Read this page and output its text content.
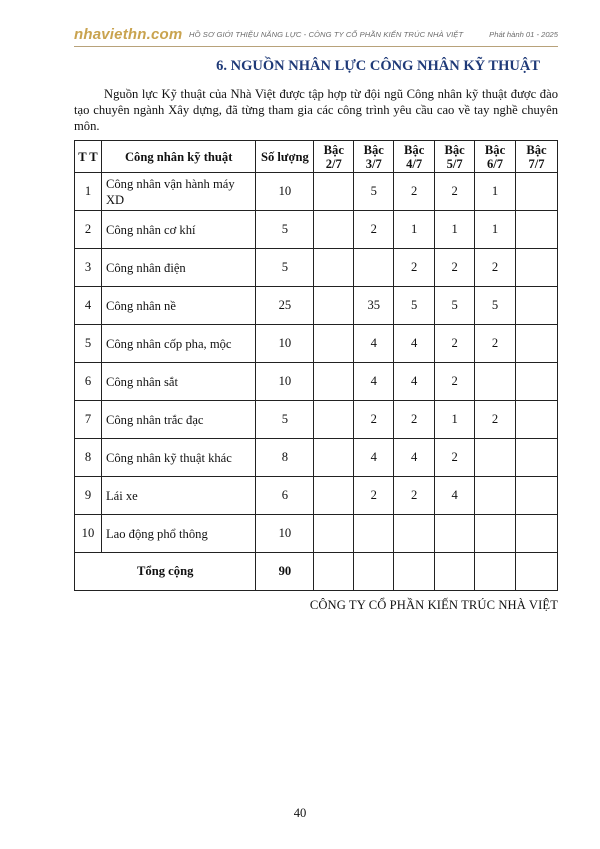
nhaviethn.com HỒ SƠ GIỚI THIỆU NĂNG LỰC - CÔNG TY CỔ PHẦN KIẾN TRÚC NHÀ VIỆT	Phát hành 01 - 2025
6. NGUỒN NHÂN LỰC CÔNG NHÂN KỸ THUẬT
Nguồn lực Kỹ thuật của Nhà Việt được tập hợp từ đội ngũ Công nhân kỹ thuật được đào tạo chuyên ngành Xây dựng, đã từng tham gia các công trình yêu cầu cao về tay nghề chuyên môn.
T T	Công nhân kỹ thuật	Số lượng	Bậc 2/7	Bậc 3/7	Bậc 4/7	Bậc 5/7	Bậc 6/7	Bậc 7/7
1	Công nhân vận hành máy XD	10		5	2	2	1	
2	Công nhân cơ khí	5		2	1	1	1	
3	Công nhân điện	5			2	2	2	
4	Công nhân nề	25		35	5	5	5	
5	Công nhân cốp pha, mộc	10		4	4	2	2	
6	Công nhân sắt	10		4	4	2		
7	Công nhân trắc đạc	5		2	2	1	2	
8	Công nhân kỹ thuật khác	8		4	4	2		
9	Lái xe	6		2	2	4		
10	Lao động phổ thông	10						
Tổng cộng		90						
CÔNG TY CỔ PHẦN KIẾN TRÚC NHÀ VIỆT
40
